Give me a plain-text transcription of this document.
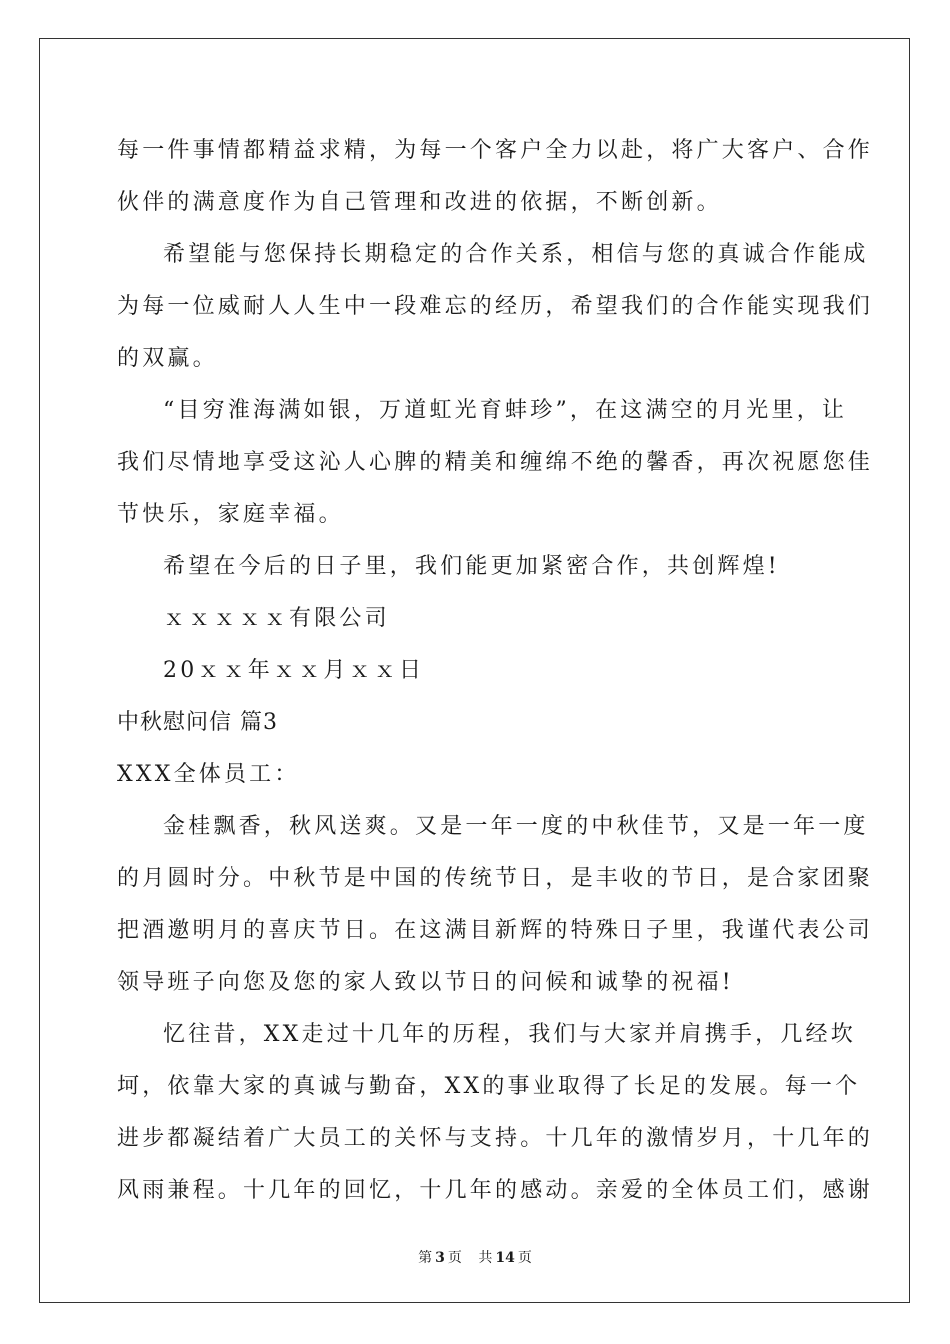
每一件事情都精益求精，为每一个客户全力以赴，将广大客户、合作
伙伴的满意度作为自己管理和改进的依据，不断创新。
希望能与您保持长期稳定的合作关系，相信与您的真诚合作能成
为每一位威耐人人生中一段难忘的经历，希望我们的合作能实现我们
的双赢。
“目穷淮海满如银，万道虹光育蚌珍”，在这满空的月光里，让
我们尽情地享受这沁人心脾的精美和缠绵不绝的馨香，再次祝愿您佳
节快乐，家庭幸福。
希望在今后的日子里，我们能更加紧密合作，共创辉煌!
ｘｘｘｘｘ有限公司
20ｘｘ年ｘｘ月ｘｘ日
中秋慰问信 篇3
XXX全体员工：
金桂飘香，秋风送爽。又是一年一度的中秋佳节，又是一年一度
的月圆时分。中秋节是中国的传统节日，是丰收的节日，是合家团聚
把酒邀明月的喜庆节日。在这满目新辉的特殊日子里，我谨代表公司
领导班子向您及您的家人致以节日的问候和诚挚的祝福!
忆往昔，XX走过十几年的历程，我们与大家并肩携手，几经坎
坷，依靠大家的真诚与勤奋，XX的事业取得了长足的发展。每一个
进步都凝结着广大员工的关怀与支持。十几年的激情岁月，十几年的
风雨兼程。十几年的回忆，十几年的感动。亲爱的全体员工们，感谢
第 3 页 共 14 页
